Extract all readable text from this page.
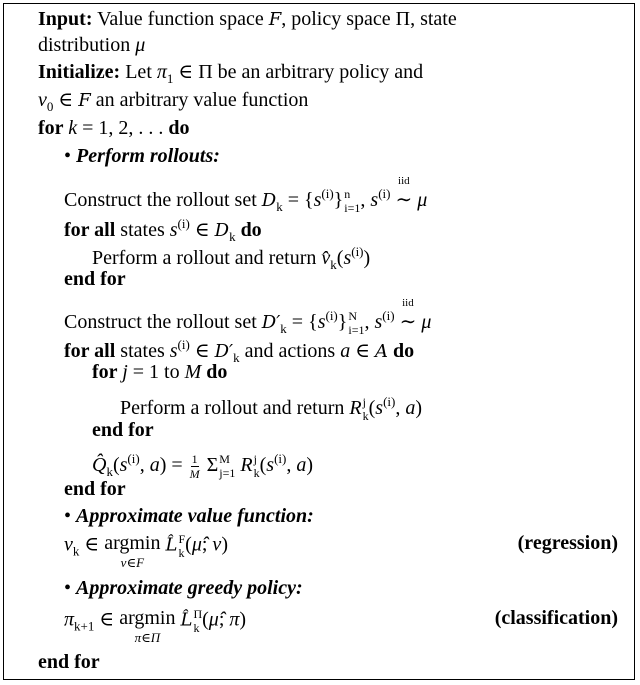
Input: Value function space F, policy space Π, state
distribution μ
Initialize: Let $\pi_1$ ∈ Π be an arbitrary policy and
$v_0$ ∈ F an arbitrary value function
for k = 1, 2, . . . do
• Perform rollouts:
Construct the rollout set $D_k = \{s^{(i)}\}$ n
i=1 , $s^{(i)}$
iid
∼ μ
for all states $s^{(i)}$ ∈ $D_k$ do
Perform a rollout and return $v̂_k(s^{(i)})$
end for
Construct the rollout set $D'_k = \{s^{(i)}\}$ N
i=1 , $s^{(i)}$
iid
∼ μ
for all states $s^{(i)}$ ∈ $D'_k$ and actions a ∈ A do
for j = 1 to M do
Perform a rollout and return R j
k ($s^{(i)}$, a)
end for
$Q̂_k(s^{(i)}$, $a) = \frac{1}{M}$ Σ M
j=1 R j
k ($s^{(i)}$, a)
end for
• Approximate value function:
$v_k$ ∈ argmin
v∈F
L̂ F
k (μ̂; v)	(regression)
• Approximate greedy policy:
$\pi_{k+1}$ ∈ argmin
π∈Π
L̂ Π
k (μ̂; π)	(classification)
end for
